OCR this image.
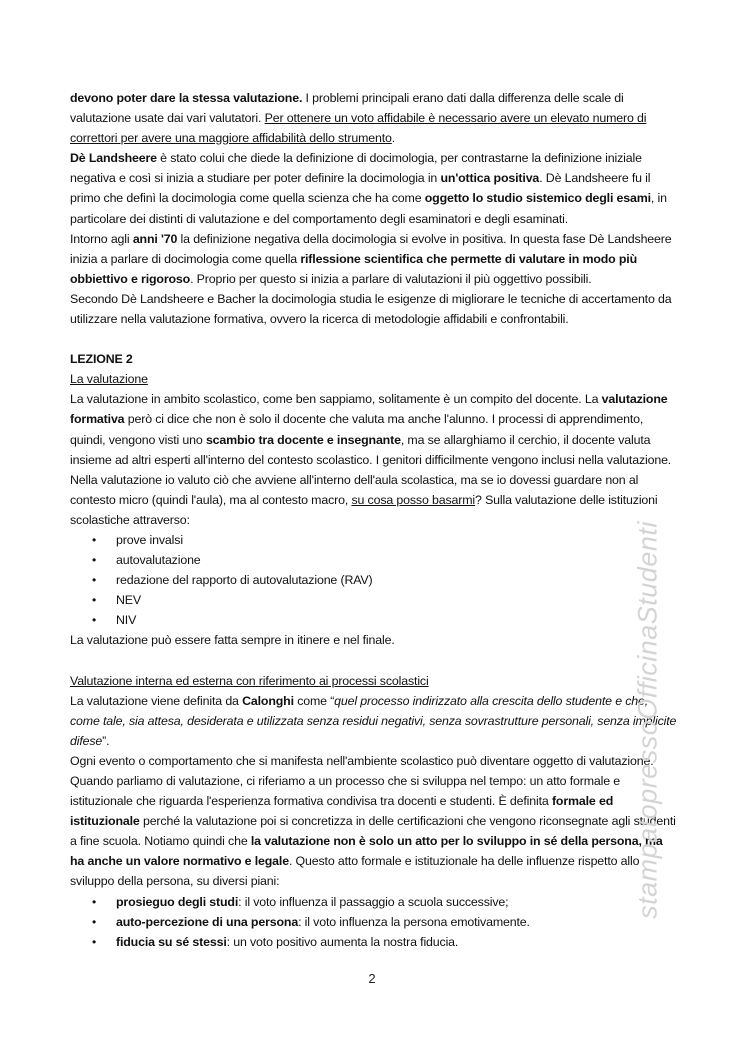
devono poter dare la stessa valutazione. I problemi principali erano dati dalla differenza delle scale di valutazione usate dai vari valutatori. Per ottenere un voto affidabile è necessario avere un elevato numero di correttori per avere una maggiore affidabilità dello strumento.

Dè Landsheere è stato colui che diede la definizione di docimologia, per contrastarne la definizione iniziale negativa e così si inizia a studiare per poter definire la docimologia in un'ottica positiva. Dè Landsheere fu il primo che definì la docimologia come quella scienza che ha come oggetto lo studio sistemico degli esami, in particolare dei distinti di valutazione e del comportamento degli esaminatori e degli esaminati.

Intorno agli anni '70 la definizione negativa della docimologia si evolve in positiva. In questa fase Dè Landsheere inizia a parlare di docimologia come quella riflessione scientifica che permette di valutare in modo più obbiettivo e rigoroso. Proprio per questo si inizia a parlare di valutazioni il più oggettivo possibili.

Secondo Dè Landsheere e Bacher la docimologia studia le esigenze di migliorare le tecniche di accertamento da utilizzare nella valutazione formativa, ovvero la ricerca di metodologie affidabili e confrontabili.

LEZIONE 2

La valutazione

La valutazione in ambito scolastico, come ben sappiamo, solitamente è un compito del docente. La valutazione formativa però ci dice che non è solo il docente che valuta ma anche l'alunno. I processi di apprendimento, quindi, vengono visti uno scambio tra docente e insegnante, ma se allarghiamo il cerchio, il docente valuta insieme ad altri esperti all'interno del contesto scolastico. I genitori difficilmente vengono inclusi nella valutazione.

Nella valutazione io valuto ciò che avviene all'interno dell'aula scolastica, ma se io dovessi guardare non al contesto micro (quindi l'aula), ma al contesto macro, su cosa posso basarmi? Sulla valutazione delle istituzioni scolastiche attraverso:

• prove invalsi
• autovalutazione
• redazione del rapporto di autovalutazione (RAV)
• NEV
• NIV

La valutazione può essere fatta sempre in itinere e nel finale.

Valutazione interna ed esterna con riferimento ai processi scolastici

La valutazione viene definita da Calonghi come “quel processo indirizzato alla crescita dello studente e che, come tale, sia attesa, desiderata e utilizzata senza residui negativi, senza sovrastrutture personali, senza implicite difese”.

Ogni evento o comportamento che si manifesta nell'ambiente scolastico può diventare oggetto di valutazione. Quando parliamo di valutazione, ci riferiamo a un processo che si sviluppa nel tempo: un atto formale e istituzionale che riguarda l'esperienza formativa condivisa tra docenti e studenti. È definita formale ed istituzionale perché la valutazione poi si concretizza in delle certificazioni che vengono riconsegnate agli studenti a fine scuola. Notiamo quindi che la valutazione non è solo un atto per lo sviluppo in sé della persona, ma ha anche un valore normativo e legale. Questo atto formale e istituzionale ha delle influenze rispetto allo sviluppo della persona, su diversi piani:

• prosieguo degli studi: il voto influenza il passaggio a scuola successive;
• auto-percezione di una persona: il voto influenza la persona emotivamente.
• fiducia su sé stessi: un voto positivo aumenta la nostra fiducia.
stampatopressoOfficinaStudenti
2
